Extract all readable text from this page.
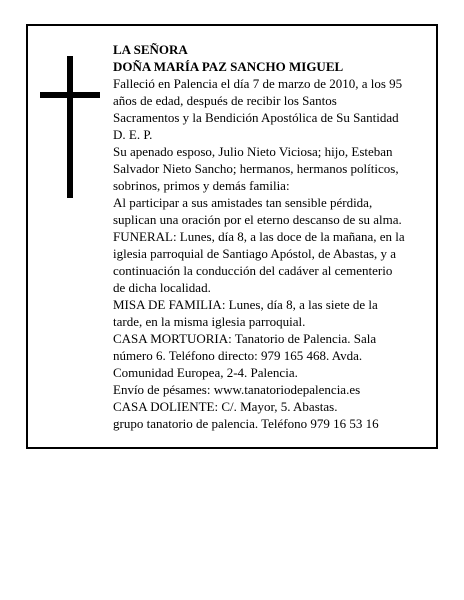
LA SEÑORA
DOÑA MARÍA PAZ SANCHO MIGUEL
Falleció en Palencia el día 7 de marzo de 2010, a los 95
años de edad, después de recibir los Santos
Sacramentos y la Bendición Apostólica de Su Santidad
D. E. P.
Su apenado esposo, Julio Nieto Viciosa; hijo, Esteban
Salvador Nieto Sancho; hermanos, hermanos políticos,
sobrinos, primos y demás familia:
Al participar a sus amistades tan sensible pérdida,
suplican una oración por el eterno descanso de su alma.
FUNERAL: Lunes, día 8, a las doce de la mañana, en la
iglesia parroquial de Santiago Apóstol, de Abastas, y a
continuación la conducción del cadáver al cementerio
de dicha localidad.
MISA DE FAMILIA: Lunes, día 8, a las siete de la
tarde, en la misma iglesia parroquial.
CASA MORTUORIA: Tanatorio de Palencia. Sala
número 6. Teléfono directo: 979 165 468. Avda.
Comunidad Europea, 2-4. Palencia.
Envío de pésames: www.tanatoriodepalencia.es
CASA DOLIENTE: C/. Mayor, 5. Abastas.
grupo tanatorio de palencia. Teléfono 979 16 53 16
